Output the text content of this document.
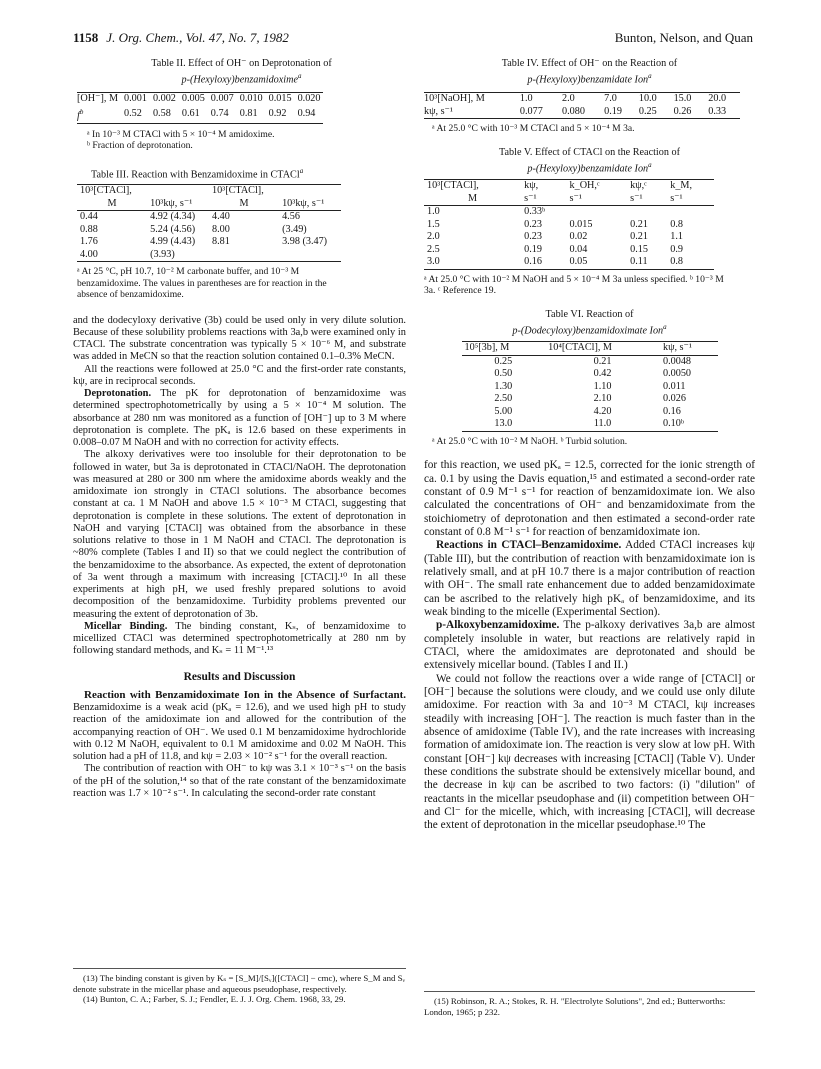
1158 J. Org. Chem., Vol. 47, No. 7, 1982	Bunton, Nelson, and Quan
Table II. Effect of OH⁻ on Deprotonation of
p-(Hexyloxy)benzamidoxime$^a$
[OH⁻], M	0.001	0.002	0.005	0.007	0.010	0.015	0.020
$f^b$	0.52	0.58	0.61	0.74	0.81	0.92	0.94
ᵃ In 10⁻³ M CTACl with 5 × 10⁻⁴ M amidoxime.
ᵇ Fraction of deprotonation.
Table III. Reaction with Benzamidoxime in CTACl$^a$
10³[CTACl],		10³[CTACl],	
M	10³kψ, s⁻¹	M	10³kψ, s⁻¹
0.44	4.92 (4.34)	4.40	4.56
0.88	5.24 (4.56)	8.00	(3.49)
1.76	4.99 (4.43)	8.81	3.98 (3.47)
4.00	(3.93)		
ᵃ At 25 °C, pH 10.7, 10⁻² M carbonate buffer, and 10⁻³ M benzamidoxime. The values in parentheses are for reaction in the absence of benzamidoxime.

and the dodecyloxy derivative (3b) could be used only in very dilute solution. Because of these solubility problems reactions with 3a,b were examined only in CTACl. The substrate concentration was typically 5 × 10⁻⁶ M, and substrate was added in MeCN so that the reaction solution contained 0.1–0.3% MeCN.

All the reactions were followed at 25.0 °C and the first-order rate constants, kψ, are in reciprocal seconds.

Deprotonation. The pK for deprotonation of benzamidoxime was determined spectrophotometrically by using a 5 × 10⁻⁴ M solution. The absorbance at 280 nm was monitored as a function of [OH⁻] up to 3 M where deprotonation is complete. The pKₐ is 12.6 based on these experiments in 0.008–0.07 M NaOH and with no correction for activity effects.

The alkoxy derivatives were too insoluble for their deprotonation to be followed in water, but 3a is deprotonated in CTACl/NaOH. The deprotonation was measured at 280 or 300 nm where the amidoxime abords weakly and the amidoximate ion strongly in CTACl solutions. The absorbance becomes constant at ca. 1 M NaOH and above 1.5 × 10⁻³ M CTACl, suggesting that deprotonation is complete in these solutions. The extent of deprotonation in NaOH and varying [CTACl] was obtained from the absorbance in these solutions relative to those in 1 M NaOH and CTACl. The deprotonation is ~80% complete (Tables I and II) so that we could neglect the contribution of the benzamidoxime to the absorbance. As expected, the extent of deprotonation of 3a went through a maximum with increasing [CTACl].¹⁰ In all these experiments at high pH, we used freshly prepared solutions to avoid decomposition of the benzamidoxime. Turbidity problems prevented our measuring the extent of deprotonation of 3b.

Micellar Binding. The binding constant, Kₛ, of benzamidoxime to micellized CTACl was determined spectrophotometrically at 280 nm by following standard methods, and Kₛ = 11 M⁻¹.¹³

Results and Discussion

Reaction with Benzamidoximate Ion in the Absence of Surfactant. Benzamidoxime is a weak acid (pKₐ = 12.6), and we used high pH to study reaction of the amidoximate ion and allowed for the contribution of the accompanying reaction of OH⁻. We used 0.1 M benzamidoxime hydrochloride with 0.12 M NaOH, equivalent to 0.1 M amidoxime and 0.02 M NaOH. This solution had a pH of 11.8, and kψ = 2.03 × 10⁻² s⁻¹ for the overall reaction.

The contribution of reaction with OH⁻ to kψ was 3.1 × 10⁻³ s⁻¹ on the basis of the pH of the solution,¹⁴ so that of the rate constant of the benzamidoximate reaction was 1.7 × 10⁻² s⁻¹. In calculating the second-order rate constant

(13) The binding constant is given by Kₛ = [S_M]/[Sᵥ]([CTACl] − cmc), where S_M and Sᵥ denote substrate in the micellar phase and aqueous pseudophase, respectively.

(14) Bunton, C. A.; Farber, S. J.; Fendler, E. J. J. Org. Chem. 1968, 33, 29.

Table IV. Effect of OH⁻ on the Reaction of
p-(Hexyloxy)benzamidate Ion$^a$
10³[NaOH], M	1.0	2.0	7.0	10.0	15.0	20.0
kψ, s⁻¹	0.077	0.080	0.19	0.25	0.26	0.33
ᵃ At 25.0 °C with 10⁻³ M CTACl and 5 × 10⁻⁴ M 3a.
Table V. Effect of CTACl on the Reaction of
p-(Hexyloxy)benzamidate Ion$^a$
10³[CTACl],	kψ,	k_OH,ᶜ	kψ,ᶜ	k_M,
M	s⁻¹	s⁻¹	s⁻¹	s⁻¹
1.0	0.33ᵇ			
1.5	0.23	0.015	0.21	0.8
2.0	0.23	0.02	0.21	1.1
2.5	0.19	0.04	0.15	0.9
3.0	0.16	0.05	0.11	0.8
ᵃ At 25.0 °C with 10⁻² M NaOH and 5 × 10⁻⁴ M 3a unless specified. ᵇ 10⁻³ M 3a. ᶜ Reference 19.
Table VI. Reaction of
p-(Dodecyloxy)benzamidoximate Ion$^a$
10⁵[3b], M	10⁴[CTACl], M	kψ, s⁻¹
0.25	0.21	0.0048
0.50	0.42	0.0050
1.30	1.10	0.011
2.50	2.10	0.026
5.00	4.20	0.16
13.0	11.0	0.10ᵇ
ᵃ At 25.0 °C with 10⁻² M NaOH. ᵇ Turbid solution.

for this reaction, we used pKₐ = 12.5, corrected for the ionic strength of ca. 0.1 by using the Davis equation,¹⁵ and estimated a second-order rate constant of 0.9 M⁻¹ s⁻¹ for reaction of benzamidoximate ion. We also calculated the concentrations of OH⁻ and benzamidoximate from the stoichiometry of deprotonation and then estimated a second-order rate constant of 0.8 M⁻¹ s⁻¹ for reaction of benzamidoximate ion.

Reactions in CTACl–Benzamidoxime. Added CTACl increases kψ (Table III), but the contribution of reaction with benzamidoximate ion is relatively small, and at pH 10.7 there is a major contribution of reaction with OH⁻. The small rate enhancement due to added benzamidoximate can be ascribed to the relatively high pKₐ of benzamidoxime, and its weak binding to the micelle (Experimental Section).

p-Alkoxybenzamidoxime. The p-alkoxy derivatives 3a,b are almost completely insoluble in water, but reactions are relatively rapid in CTACl, where the amidoximates are deprotonated and should be extensively micellar bound. (Tables I and II.)

We could not follow the reactions over a wide range of [CTACl] or [OH⁻] because the solutions were cloudy, and we could use only dilute amidoxime. For reaction with 3a and 10⁻³ M CTACl, kψ increases steadily with increasing [OH⁻]. The reaction is much faster than in the absence of amidoxime (Table IV), and the rate increases with increasing formation of amidoximate ion. The reaction is very slow at low pH. With constant [OH⁻] kψ decreases with increasing [CTACl] (Table V). Under these conditions the substrate should be extensively micellar bound, and the decrease in kψ can be ascribed to two factors: (i) "dilution" of reactants in the micellar pseudophase and (ii) competition between OH⁻ and Cl⁻ for the micelle, which, with increasing [CTACl], will decrease the extent of deprotonation in the micellar pseudophase.¹⁰ The

(15) Robinson, R. A.; Stokes, R. H. "Electrolyte Solutions", 2nd ed.; Butterworths: London, 1965; p 232.
